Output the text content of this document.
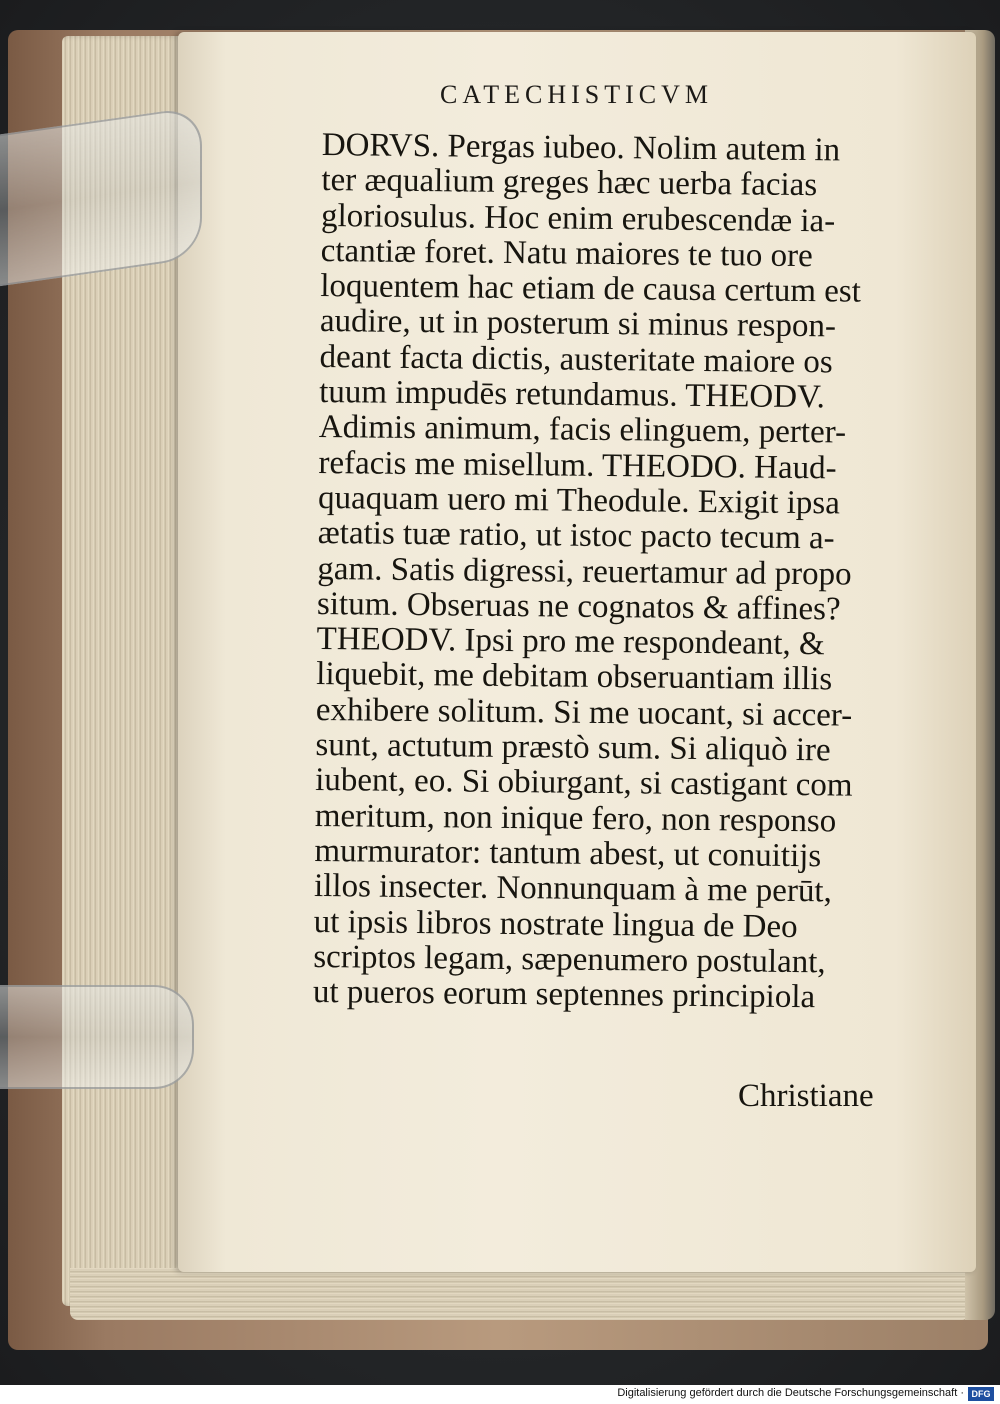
CATECHISTICVM
DORVS. Pergas iubeo. Nolim autem in
ter æqualium greges hæc uerba facias
gloriosulus. Hoc enim erubescendæ ia-
ctantiæ foret. Natu maiores te tuo ore
loquentem hac etiam de causa certum est
audire, ut in posterum si minus respon-
deant facta dictis, austeritate maiore os
tuum impudēs retundamus. THEODV.
Adimis animum, facis elinguem, perter-
refacis me misellum. THEODO. Haud-
quaquam uero mi Theodule. Exigit ipsa
ætatis tuæ ratio, ut istoc pacto tecum a-
gam. Satis digressi, reuertamur ad propo
situm. Obseruas ne cognatos & affines?
THEODV. Ipsi pro me respondeant, &
liquebit, me debitam obseruantiam illis
exhibere solitum. Si me uocant, si accer-
sunt, actutum præstò sum. Si aliquò ire
iubent, eo. Si obiurgant, si castigant com
meritum, non inique fero, non responso
murmurator: tantum abest, ut conuitijs
illos insecter. Nonnunquam à me perūt,
ut ipsis libros nostrate lingua de Deo
scriptos legam, sæpenumero postulant,
ut pueros eorum septennes principiola
Christiane
Digitalisierung gefördert durch die Deutsche Forschungsgemeinschaft · DFG
